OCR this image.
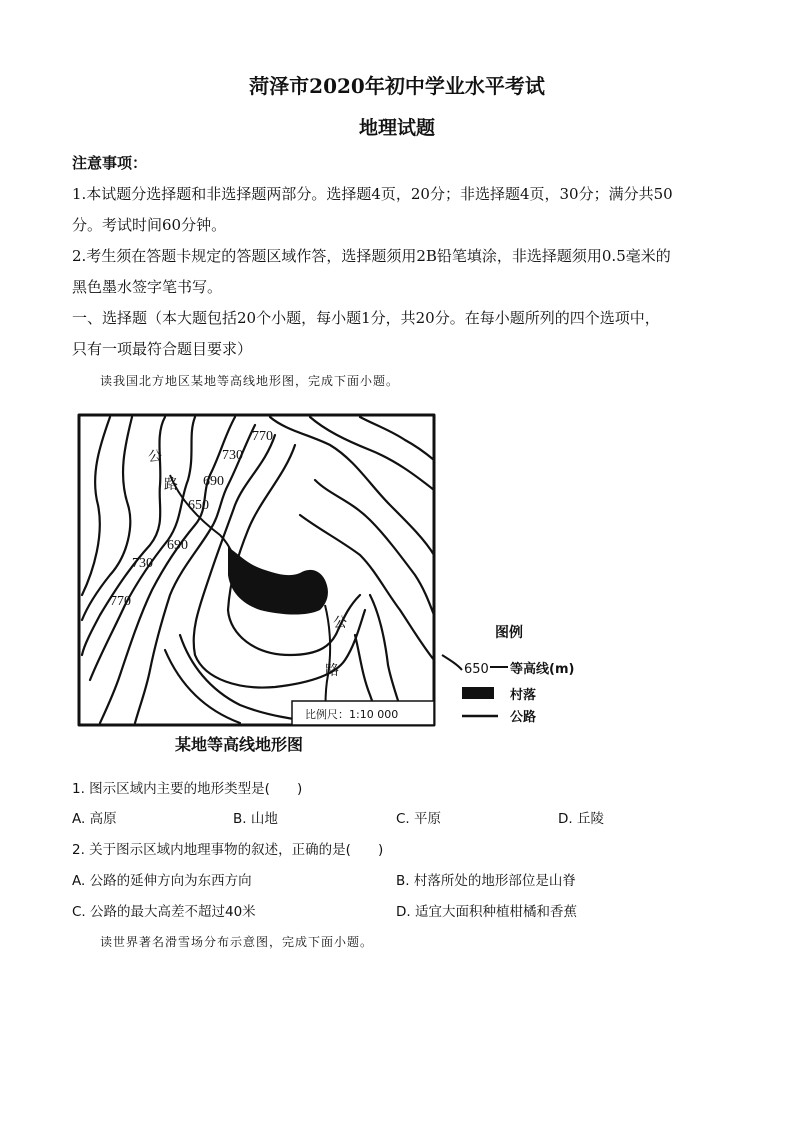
菏泽市2020年初中学业水平考试
地理试题
注意事项：
1.本试题分选择题和非选择题两部分。选择题4页，20分；非选择题4页，30分；满分共50
分。考试时间60分钟。
2.考生须在答题卡规定的答题区域作答，选择题须用2B铅笔填涂，非选择题须用0.5毫米的
黑色墨水签字笔书写。
一、选择题（本大题包括20个小题，每小题1分，共20分。在每小题所列的四个选项中，
只有一项最符合题目要求）
读我国北方地区某地等高线地形图，完成下面小题。
770
730
690
650
690
730
770
公
路
公
路
比例尺：1:10 000
某地等高线地形图
图例
650 等高线(m)
村落
公路
1. 图示区域内主要的地形类型是(　　)
A. 高原	B. 山地	C. 平原	D. 丘陵
2. 关于图示区域内地理事物的叙述，正确的是(　　)
A. 公路的延伸方向为东西方向	B. 村落所处的地形部位是山脊
C. 公路的最大高差不超过40米	D. 适宜大面积种植柑橘和香蕉
读世界著名滑雪场分布示意图，完成下面小题。
